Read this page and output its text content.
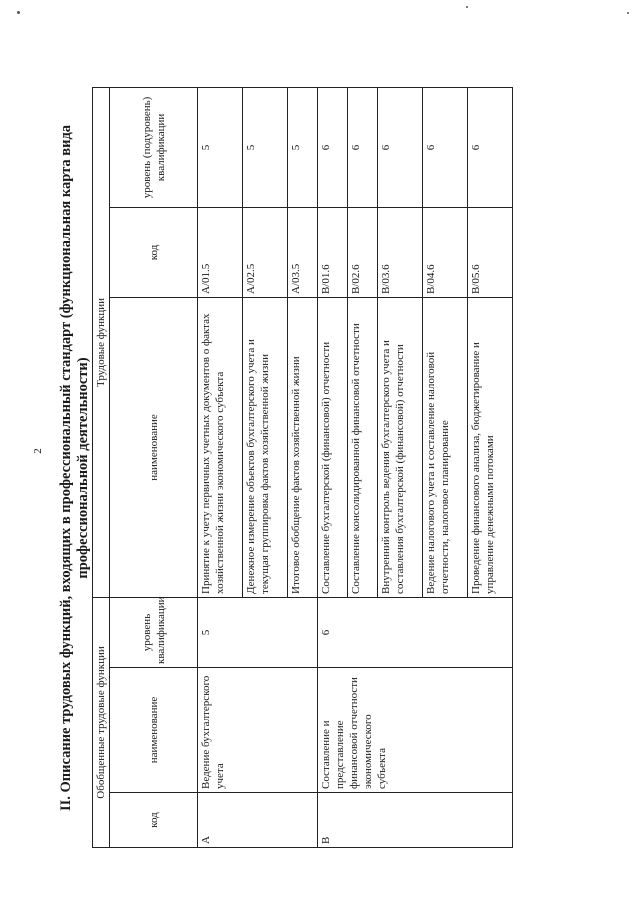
2 II. Описание трудовых функций, входящих в профессиональный стандарт (функциональная карта вида профессиональной деятельности)
Обобщенные трудовые функции			Трудовые функции		
код	наименование	уровень квалификации	наименование	код	уровень (подуровень) квалификации
A	Ведение бухгалтерского учета	5	Принятие к учету первичных учетных документов о фактах хозяйственной жизни экономического субъекта	A/01.5	5
			Денежное измерение объектов бухгалтерского учета и текущая группировка фактов хозяйственной жизни	A/02.5	5
			Итоговое обобщение фактов хозяйственной жизни	A/03.5	5
B	Составление и представление финансовой отчетности экономического субъекта	6	Составление бухгалтерской (финансовой) отчетности	B/01.6	6
			Составление консолидированной финансовой отчетности	B/02.6	6
			Внутренний контроль ведения бухгалтерского учета и составления бухгалтерской (финансовой) отчетности	B/03.6	6
			Ведение налогового учета и составление налоговой отчетности, налоговое планирование	B/04.6	6
			Проведение финансового анализа, бюджетирование и управление денежными потоками	B/05.6	6
